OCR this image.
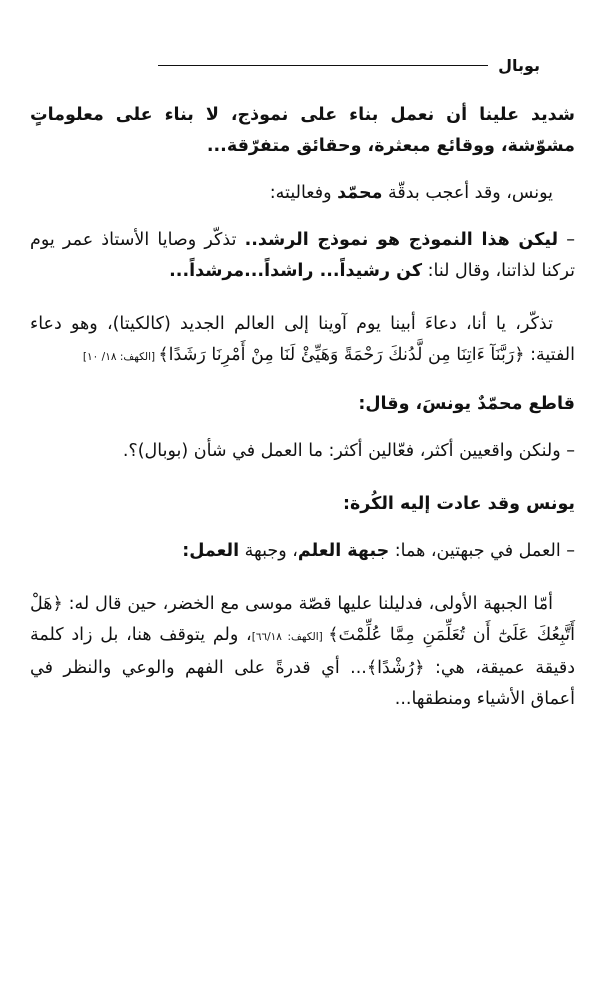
بوبال

شديد علينا أن نعمل بناء على نموذج، لا بناء على معلوماتٍ مشوّشة، ووقائع مبعثرة، وحقائق متفرّقة...

يونس، وقد أعجب بدقّة محمّد وفعاليته:

– ليكن هذا النموذج هو نموذج الرشد.. تذكّر وصايا الأستاذ عمر يوم تركنا لذاتنا، وقال لنا: كن رشيداً... راشداً...مرشداً...

تذكّر، يا أنا، دعاءَ أبينا يوم آوينا إلى العالم الجديد (كالكيتا)، وهو دعاء الفتية: ﴿رَبَّنَآ ءَاتِنَا مِن لَّدُنكَ رَحْمَةً وَهَيِّئْ لَنَا مِنْ أَمْرِنَا رَشَدًا﴾ [الكهف: ١٨/ ١٠]

قاطع محمّدٌ يونسَ، وقال:

– ولنكن واقعيين أكثر، فعّالين أكثر: ما العمل في شأن (بوبال)؟.

يونس وقد عادت إليه الكُرة:

– العمل في جبهتين، هما: جبهة العلم، وجبهة العمل:

أمّا الجبهة الأولى، فدليلنا عليها قصّة موسى مع الخضر، حين قال له: ﴿هَلْ أَتَّبِعُكَ عَلَىٰٓ أَن تُعَلِّمَنِ مِمَّا عُلِّمْتَ﴾ [الكهف: ٦٦/١٨]، ولم يتوقف هنا، بل زاد كلمة دقيقة عميقة، هي: ﴿رُشْدًا﴾... أي قدرةً على الفهم والوعي والنظر في أعماق الأشياء ومنطقها...
